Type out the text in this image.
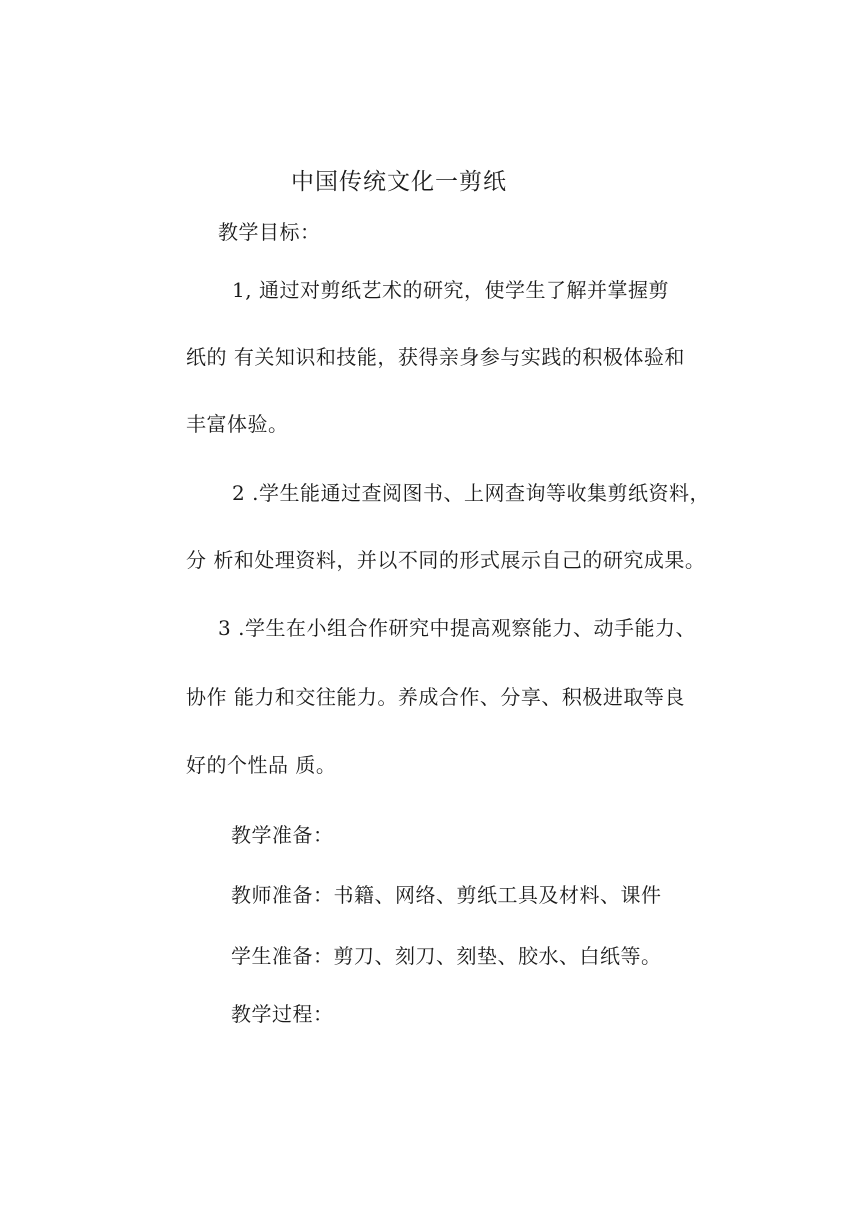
中国传统文化一剪纸
教学目标：
1, 通过对剪纸艺术的研究，使学生了解并掌握剪
纸的 有关知识和技能，获得亲身参与实践的积极体验和
丰富体验。
2 .学生能通过查阅图书、上网查询等收集剪纸资料，
分 析和处理资料，并以不同的形式展示自己的研究成果。
3 .学生在小组合作研究中提高观察能力、动手能力、
协作 能力和交往能力。养成合作、分享、积极进取等良
好的个性品 质。
教学准备：
教师准备：书籍、网络、剪纸工具及材料、课件
学生准备：剪刀、刻刀、刻垫、胶水、白纸等。
教学过程：
